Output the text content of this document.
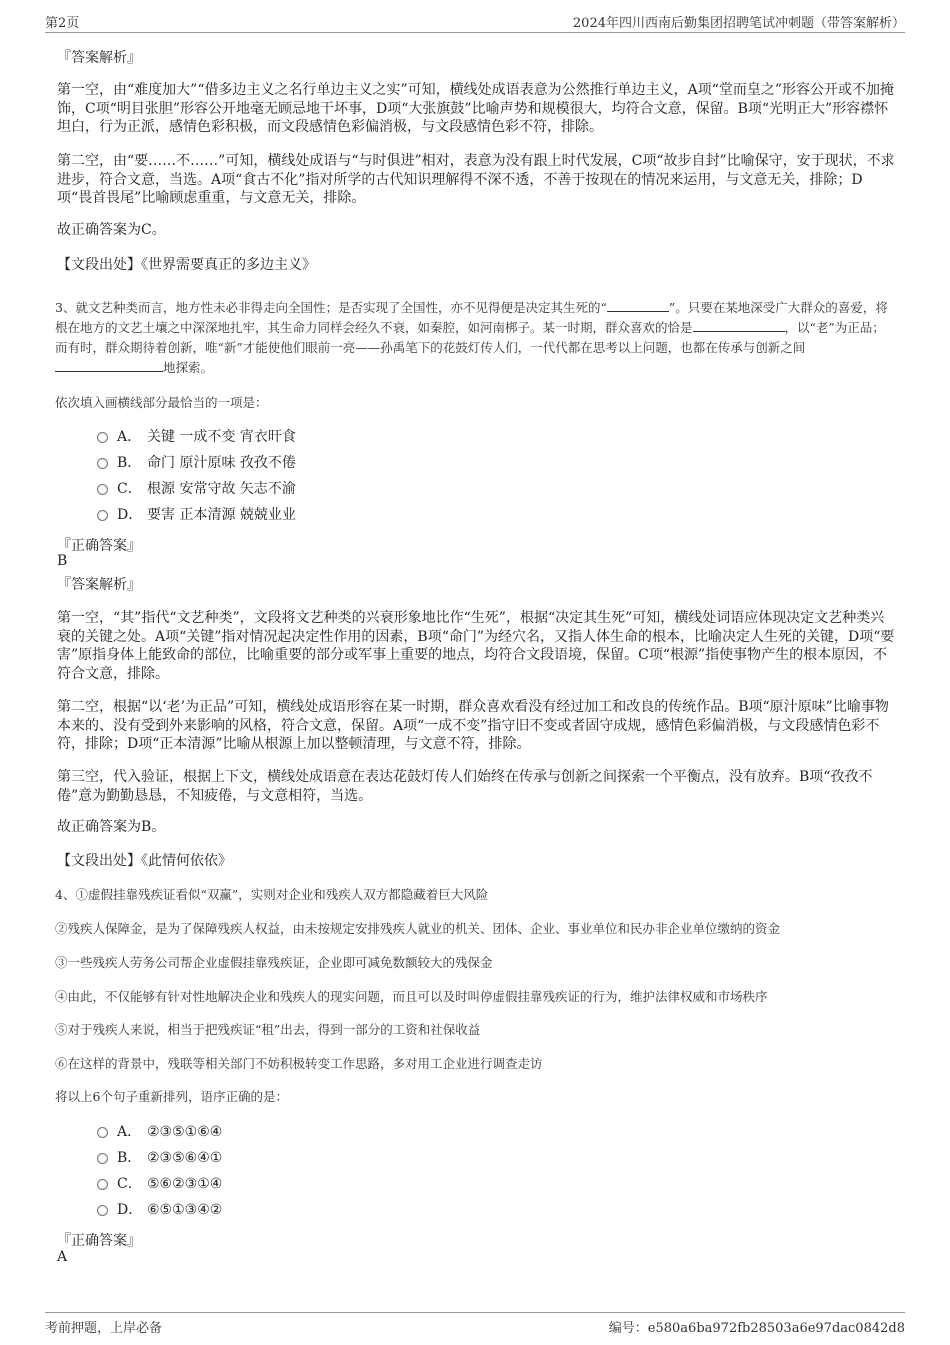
第2页	2024年四川西南后勤集团招聘笔试冲刺题（带答案解析）
『答案解析』
第一空，由“难度加大”“借多边主义之名行单边主义之实”可知，横线处成语表意为公然推行单边主义，A项“堂而皇之”形容公开或不加掩饰，C项“明目张胆”形容公开地毫无顾忌地干坏事，D项“大张旗鼓”比喻声势和规模很大，均符合文意，保留。B项“光明正大”形容襟怀坦白，行为正派，感情色彩积极，而文段感情色彩偏消极，与文段感情色彩不符，排除。
第二空，由“要……不……”可知，横线处成语与“与时俱进”相对，表意为没有跟上时代发展，C项“故步自封”比喻保守，安于现状，不求进步，符合文意，当选。A项“食古不化”指对所学的古代知识理解得不深不透，不善于按现在的情况来运用，与文意无关，排除；D项“畏首畏尾”比喻顾虑重重，与文意无关，排除。
故正确答案为C。
【文段出处】《世界需要真正的多边主义》
3、就文艺种类而言，地方性未必非得走向全国性；是否实现了全国性，亦不见得便是决定其生死的“	”。只要在某地深受广大群众的喜爱，将根在地方的文艺土壤之中深深地扎牢，其生命力同样会经久不衰，如秦腔，如河南梆子。某一时期，群众喜欢的恰是	，以“老”为正品；而有时，群众期待着创新，唯“新”才能使他们眼前一亮——孙禹笔下的花鼓灯传人们，一代代都在思考以上问题，也都在传承与创新之间地探索。
依次填入画横线部分最恰当的一项是：
A． 关键 一成不变 宵衣旰食
B． 命门 原汁原味 孜孜不倦
C． 根源 安常守故 矢志不渝
D． 要害 正本清源 兢兢业业
『正确答案』
B
『答案解析』
第一空，“其”指代“文艺种类”，文段将文艺种类的兴衰形象地比作“生死”，根据“决定其生死”可知，横线处词语应体现决定文艺种类兴衰的关键之处。A项“关键”指对情况起决定性作用的因素，B项“命门”为经穴名，又指人体生命的根本，比喻决定人生死的关键，D项“要害”原指身体上能致命的部位，比喻重要的部分或军事上重要的地点，均符合文段语境，保留。C项“根源”指使事物产生的根本原因，不符合文意，排除。
第二空，根据“以‘老’为正品”可知，横线处成语形容在某一时期，群众喜欢看没有经过加工和改良的传统作品。B项“原汁原味”比喻事物本来的、没有受到外来影响的风格，符合文意，保留。A项“一成不变”指守旧不变或者固守成规，感情色彩偏消极，与文段感情色彩不符，排除；D项“正本清源”比喻从根源上加以整顿清理，与文意不符，排除。
第三空，代入验证，根据上下文，横线处成语意在表达花鼓灯传人们始终在传承与创新之间探索一个平衡点，没有放弃。B项“孜孜不倦”意为勤勤恳恳，不知疲倦，与文意相符，当选。
故正确答案为B。
【文段出处】《此情何依依》
4、①虚假挂靠残疾证看似“双赢”，实则对企业和残疾人双方都隐藏着巨大风险
②残疾人保障金，是为了保障残疾人权益，由未按规定安排残疾人就业的机关、团体、企业、事业单位和民办非企业单位缴纳的资金
③一些残疾人劳务公司帮企业虚假挂靠残疾证，企业即可减免数额较大的残保金
④由此，不仅能够有针对性地解决企业和残疾人的现实问题，而且可以及时叫停虚假挂靠残疾证的行为，维护法律权威和市场秩序
⑤对于残疾人来说，相当于把残疾证“租”出去，得到一部分的工资和社保收益
⑥在这样的背景中，残联等相关部门不妨积极转变工作思路，多对用工企业进行调查走访
将以上6个句子重新排列，语序正确的是：
A． ②③⑤①⑥④
B． ②③⑤⑥④①
C． ⑤⑥②③①④
D． ⑥⑤①③④②
『正确答案』
A
考前押题，上岸必备	编号：e580a6ba972fb28503a6e97dac0842d8
